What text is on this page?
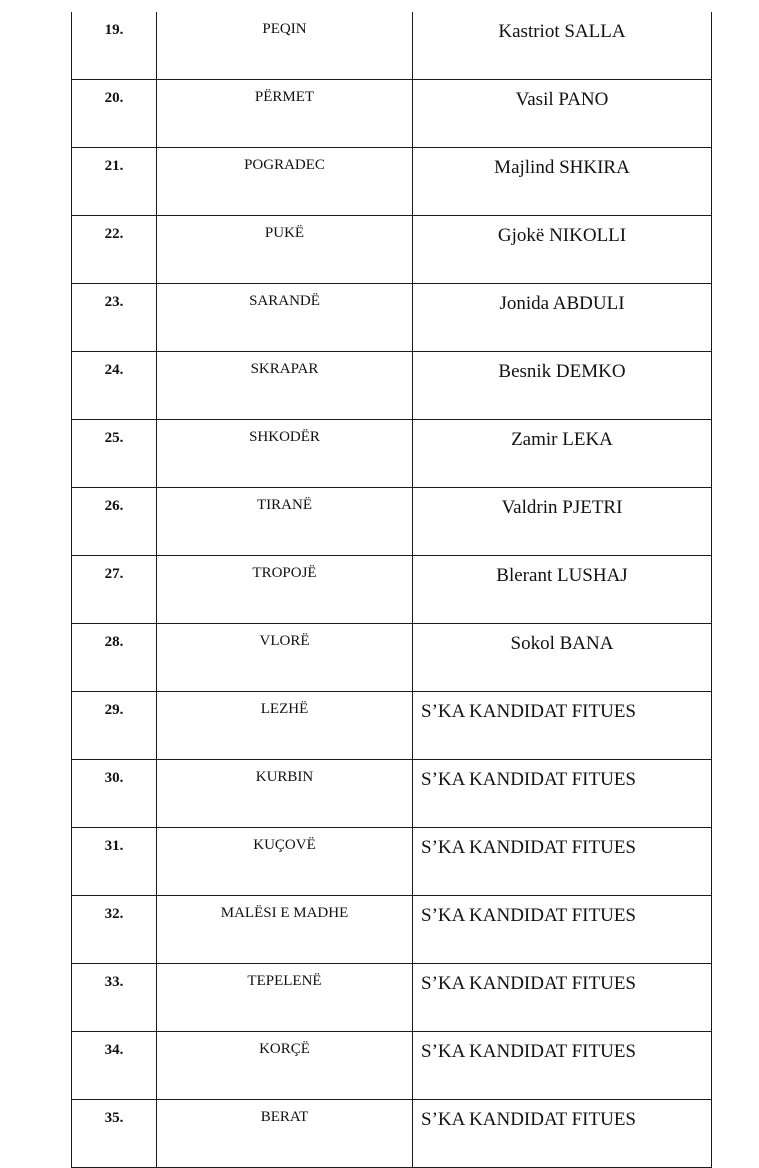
19.	PEQIN	Kastriot SALLA
20.	PËRMET	Vasil PANO
21.	POGRADEC	Majlind SHKIRA
22.	PUKË	Gjokë NIKOLLI
23.	SARANDË	Jonida ABDULI
24.	SKRAPAR	Besnik DEMKO
25.	SHKODËR	Zamir LEKA
26.	TIRANË	Valdrin PJETRI
27.	TROPOJË	Blerant LUSHAJ
28.	VLORË	Sokol BANA
29.	LEZHË	S’KA KANDIDAT FITUES
30.	KURBIN	S’KA KANDIDAT FITUES
31.	KUÇOVË	S’KA KANDIDAT FITUES
32.	MALËSI E MADHE	S’KA KANDIDAT FITUES
33.	TEPELENË	S’KA KANDIDAT FITUES
34.	KORÇË	S’KA KANDIDAT FITUES
35.	BERAT	S’KA KANDIDAT FITUES
